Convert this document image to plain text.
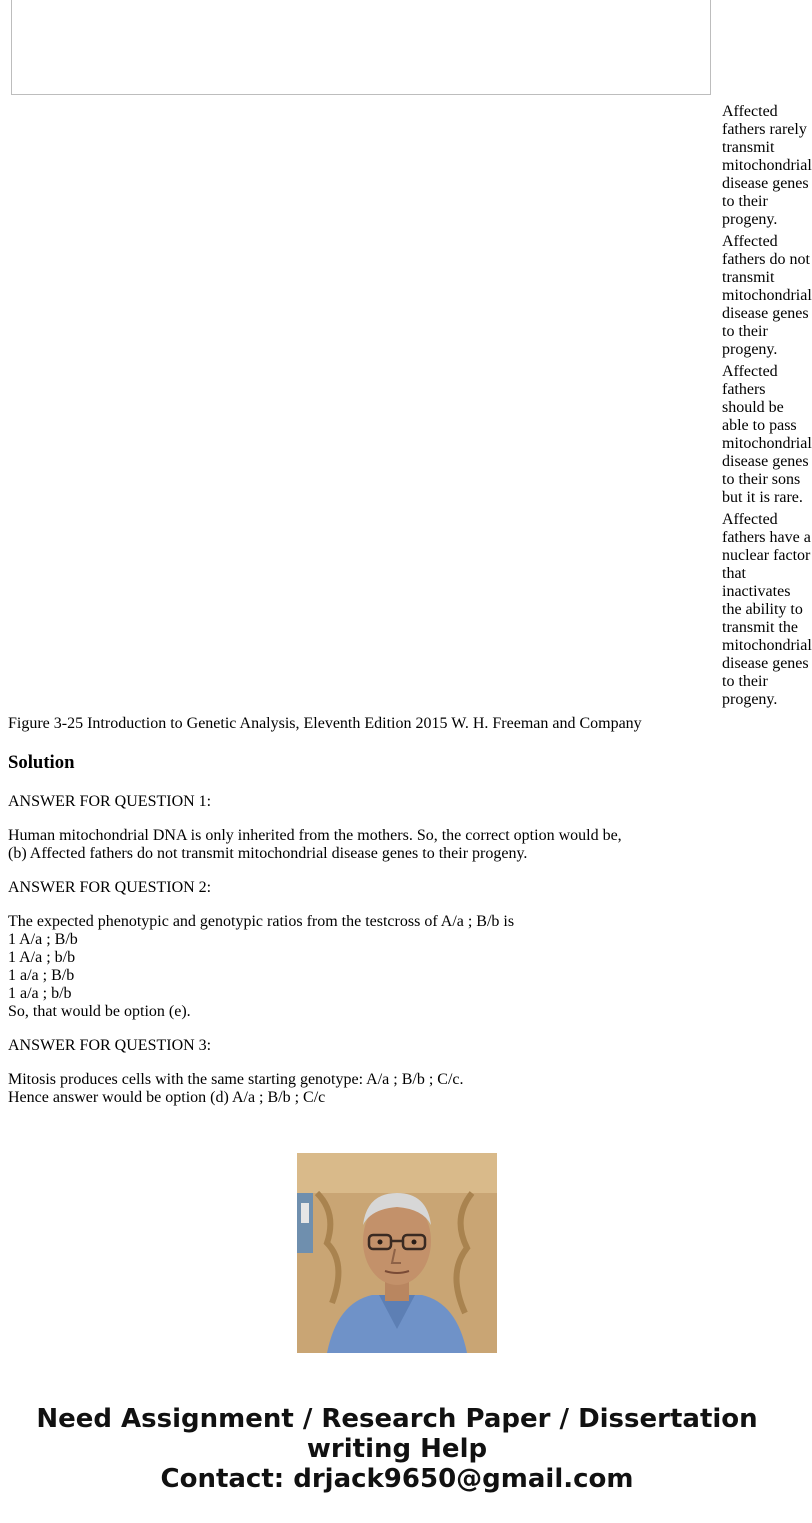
Affected
fathers rarely
transmit
mitochondrial
disease genes
to their
progeny.
Affected
fathers do not
transmit
mitochondrial
disease genes
to their
progeny.
Affected
fathers
should be
able to pass
mitochondrial
disease genes
to their sons
but it is rare.
Affected
fathers have a
nuclear factor
that
inactivates
the ability to
transmit the
mitochondrial
disease genes
to their
progeny.
Figure 3-25 Introduction to Genetic Analysis, Eleventh Edition 2015 W. H. Freeman and Company
Solution

ANSWER FOR QUESTION 1:

Human mitochondrial DNA is only inherited from the mothers. So, the correct option would be,
(b) Affected fathers do not transmit mitochondrial disease genes to their progeny.

ANSWER FOR QUESTION 2:

The expected phenotypic and genotypic ratios from the testcross of A/a ; B/b is
1 A/a ; B/b
1 A/a ; b/b
1 a/a ; B/b
1 a/a ; b/b
So, that would be option (e).

ANSWER FOR QUESTION 3:

Mitosis produces cells with the same starting genotype: A/a ; B/b ; C/c.
Hence answer would be option (d) A/a ; B/b ; C/c

Need Assignment / Research Paper / Dissertation
writing Help
Contact: drjack9650@gmail.com
